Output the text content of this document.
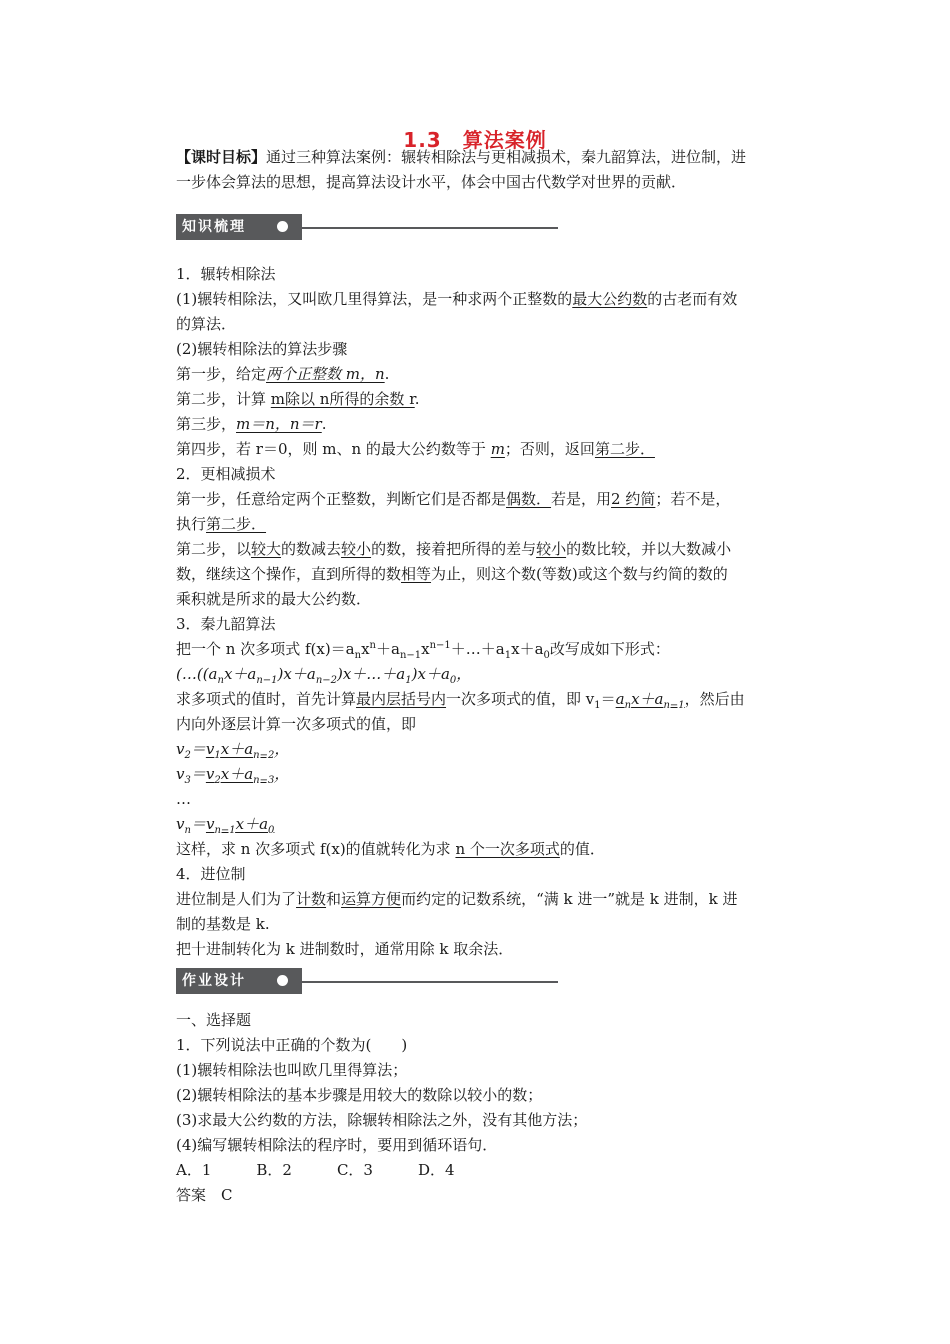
1.3　算法案例
【课时目标】通过三种算法案例：辗转相除法与更相减损术，秦九韶算法，进位制，进
一步体会算法的思想，提高算法设计水平，体会中国古代数学对世界的贡献．
知识梳理
1．辗转相除法
(1)辗转相除法，又叫欧几里得算法，是一种求两个正整数的最大公约数的古老而有效
的算法．
(2)辗转相除法的算法步骤
第一步，给定两个正整数 m，n.
第二步，计算 m除以 n所得的余数 r.
第三步，m＝n，n＝r.
第四步，若 r＝0，则 m、n 的最大公约数等于 m；否则，返回第二步．
2．更相减损术
第一步，任意给定两个正整数，判断它们是否都是偶数．若是，用2 约简；若不是，
执行第二步．
第二步，以较大的数减去较小的数，接着把所得的差与较小的数比较，并以大数减小
数，继续这个操作，直到所得的数相等为止，则这个数(等数)或这个数与约简的数的
乘积就是所求的最大公约数．
3．秦九韶算法
把一个 n 次多项式 $f(x)=a_nx^n+a_{n-1}x^{n-1}+\dots+a_1x+a_0$改写成如下形式：
$(\dots((a_nx+a_{n-1})x+a_{n-2})x+\dots+a_1)x+a_0$，
求多项式的值时，首先计算最内层括号内一次多项式的值，即 $v_1=a_nx+a_{n-1}$，然后由
内向外逐层计算一次多项式的值，即
$v_2=v_1x+a_{n-2}$，
$v_3=v_2x+a_{n-3}$，
…
$v_n=v_{n-1}x+a_0$
这样，求 n 次多项式 f(x)的值就转化为求 n 个一次多项式的值．
4．进位制
进位制是人们为了计数和运算方便而约定的记数系统，“满 k 进一”就是 k 进制，k 进
制的基数是 k.
把十进制转化为 k 进制数时，通常用除 k 取余法．
作业设计
一、选择题
1．下列说法中正确的个数为(　　)
(1)辗转相除法也叫欧几里得算法；
(2)辗转相除法的基本步骤是用较大的数除以较小的数；
(3)求最大公约数的方法，除辗转相除法之外，没有其他方法；
(4)编写辗转相除法的程序时，要用到循环语句．
A．1　　　B．2　　　C．3　　　D．4
答案　C
